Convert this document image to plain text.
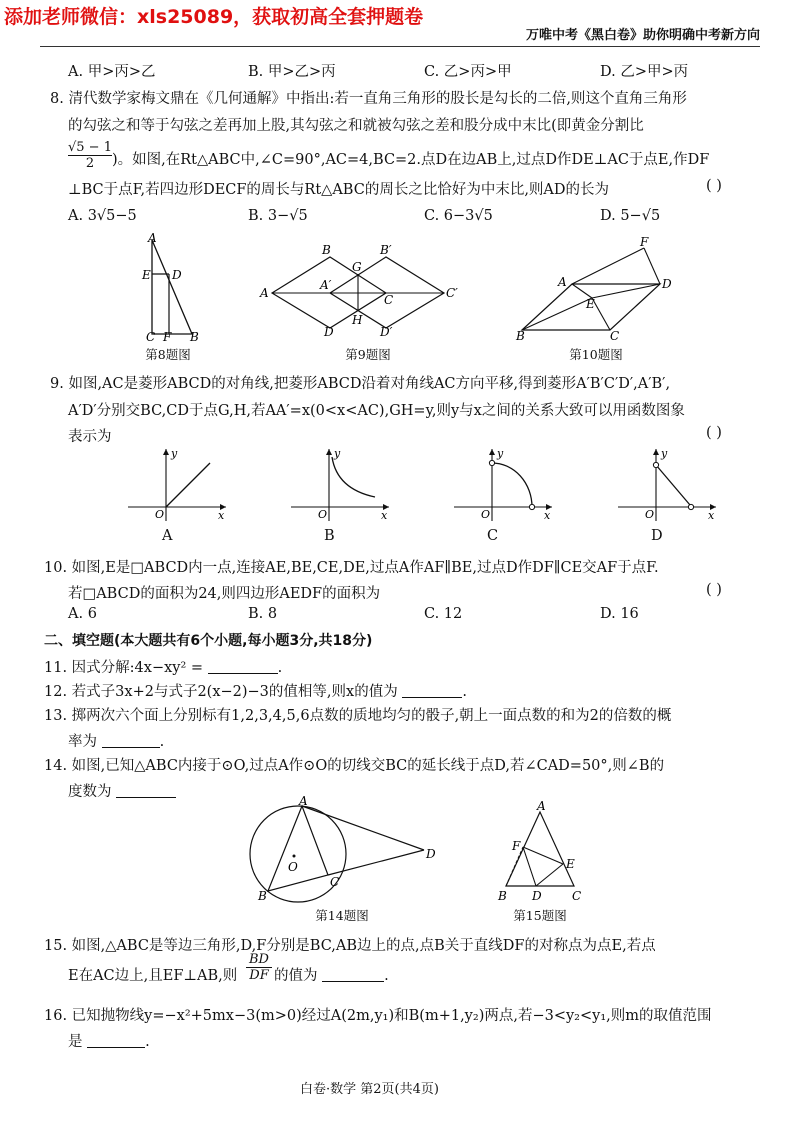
添加老师微信：xls25089，获取初高全套押题卷
万唯中考《黑白卷》助你明确中考新方向
A. 甲>丙>乙	B. 甲>乙>丙	C. 乙>丙>甲	D. 乙>甲>丙
8. 清代数学家梅文鼎在《几何通解》中指出:若一直角三角形的股长是勾长的二倍,则这个直角三角形
的勾弦之和等于勾弦之差再加上股,其勾弦之和就被勾弦之差和股分成中末比(即黄金分割比
$\frac{√5 - 1}{2}$ )。如图,在Rt△ABC中,∠C=90°,AC=4,BC=2.点D在边AB上,过点D作DE⊥AC于点E,作DF
⊥BC于点F,若四边形DECF的周长与Rt△ABC的周长之比恰好为中末比,则AD的长为	( )
A. 3√5−5	B. 3−√5	C. 6−3√5	D. 5−√5
A
E D
C F B
第8题图
B
G
B′
A
A′
C	C′
D
H
D′
第9题图
F
A	D
E
B	C
第10题图
9. 如图,AC是菱形ABCD的对角线,把菱形ABCD沿着对角线AC方向平移,得到菱形A′B′C′D′,A′B′,
A′D′分别交BC,CD于点G,H,若AA′=x(0<x<AC),GH=y,则y与x之间的关系大致可以用函数图象
表示为	( )
y
x
O
y
x
O
y
x
O
y
x
O
A	B	C	D
10. 如图,E是□ABCD内一点,连接AE,BE,CE,DE,过点A作AF∥BE,过点D作DF∥CE交AF于点F.
若□ABCD的面积为24,则四边形AEDF的面积为	( )
A. 6	B. 8	C. 12	D. 16
二、填空题(本大题共有6个小题,每小题3分,共18分)
11. 因式分解:4x−xy² =	.
12. 若式子3x+2与式子2(x−2)−3的值相等,则x的值为	.
13. 掷两次六个面上分别标有1,2,3,4,5,6点数的质地均匀的骰子,朝上一面点数的和为2的倍数的概
率为	.
14. 如图,已知△ABC内接于⊙O,过点A作⊙O的切线交BC的延长线于点D,若∠CAD=50°,则∠B的
度数为
A
O
B
C
D
第14题图
A
F
E
B D	C
第15题图
15. 如图,△ABC是等边三角形,D,F分别是BC,AB边上的点,点B关于直线DF的对称点为点E,若点
E在AC边上,且EF⊥AB,则 $\frac{BD}{DF}$ 的值为	.
16. 已知抛物线y=−x²+5mx−3(m>0)经过A(2m,y₁)和B(m+1,y₂)两点,若−3<y₂<y₁,则m的取值范围
是	.
白卷·数学 第2页(共4页)
